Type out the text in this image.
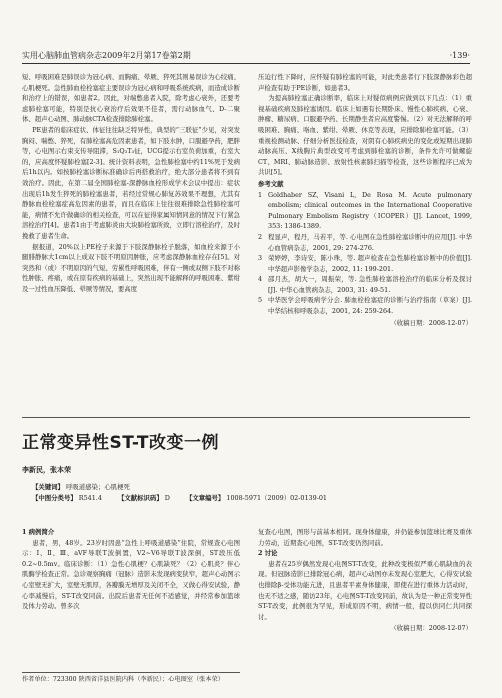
实用心脑肺血管病杂志2009年2月第17卷第2期	·139·

短、呼吸困难是肺误诊为冠心病、而胸痛、晕厥、猝死其则易误诊为心绞痛、心肌梗死。急性肺血栓栓塞症主要误诊为冠心病和呼吸系统疾病，而造成诊断和治疗上的错误，如患者2。因此，对端憋患者入院，除考虑心衰外，还要考虑肺栓塞可能，特别是抗心衰治疗后效果不佳者，需行动脉血气、D-二聚体、超声心动图、肺动脉CTA检查排除肺栓塞。

PE患者的临床症状、体征往往缺乏特异性，典型的“三联征”少见，对突发胸闷、喘憋、猝死，有肺栓塞高危因素患者，如下肢水肿，口服避孕药，肥胖等，心电图示右束支传导阻滞，S₁Q₃T₃征，UCG提示右室负荷加重，右室大的，应高度怀疑肺栓塞[2-3]。统计资料表明，急性肺栓塞中约11%死于发病后1h以内。如按肺栓塞诊断标准确诊后再搭救治疗，绝大部分患者将不到有效治疗。因此，在第二届全国肺栓塞-深静脉血栓形成学术会议中提出：症状出现后1h发生猝死的肺栓塞患者，若经过常规心肺复苏效果不理想，尤其有静脉血栓栓塞症高危因素的患者，而且在临床上往往很难排除急性肺栓塞可能，病情不允许做确诊的相关检查，可以在征得家属知情同意的情况下行紧急溶栓治疗[4]。患者1由于考虑肺炎由大块肺栓塞所致，立即行溶栓治疗，及时挽救了患者生命。

据报道，20%以上PE栓子来源于下肢深静脉栓子脱落，如血栓来源于小腿腓静脉大1cm以上成双下肢不明原因肿胀，应考虑深静脉血栓存在[5]。对突然和（或）不明原因的气短、劳累性呼吸困难，伴有一侧或双侧下肢不对称性肿胀、疼痛，或在原有疾病的基础上，突然出现不能解释的呼吸困难、紫绀及一过性血压降低、晕厥等情况，要高度

压迫行性下降时，应怀疑有肺栓塞的可能，对此类患者行下肢深静脉彩色超声检查有助于PE诊断，如患者3。

为提高肺栓塞正确诊断率，临床上对疑似病例应做到以下几点：（1）重视基础疾病及肺栓塞诱因。临床上如遇有长期卧床、慢性心肺疾病、心衰、肿瘤、糖尿病、口服避孕药、长期静坐者应高度警惕。（2）对无法解释的呼吸困难、胸痛、咯血、紫绀、晕厥、休克等表现，应排除肺栓塞可能。（3）重视检测动脉、仔细分析医技检查，对阴有心肺疾病史的变化或短期出现肺动脉高压、X线胸片典型改变可考虑到肺栓塞的诊断，条件允许可做螺旋CT、MRI、肺动脉造影、放射性核素肺扫描等检查，这些诊断程序已成为共识[5]。

参考文献
1 Goldhaber SZ, Visani L, De Rosa M. Acute pulmonary embolism; clinical outcomes in the International Cooperative Pulmonary Embolism Registry（ICOPER）[J]. Lancet, 1999, 353: 1386-1389.
2 程显声，程丹，马若平，等. 心电图在急性肺栓塞诊断中的应用[J]. 中华心血管病杂志，2001, 29: 274-276.
3 荣婷婷，李诗安，陈小珠，等. 超声检查在急性肺栓塞诊断中的价值[J]. 中华超声影像学杂志，2002, 11: 199-201.
4 邵月杰，胡大一，周振荣，等. 急性肺栓塞溶栓治疗的临床分析及探讨[J]. 中华心血管病杂志，2003, 31: 49-51.
5 中华医学会呼吸病学分会. 肺血栓栓塞症的诊断与治疗指南（草案）[J]. 中华结核和呼吸杂志，2001, 24: 259-264.
（收稿日期：2008-12-07）
正常变异性ST-T改变一例
李新民，张本荣
【关键词】 呼吸道感染；心肌梗死
【中图分类号】 R541.4	【文献标识码】 D	【文章编号】 1008-5971（2009）02-0139-01

1 病例简介

患者，男，48岁。23岁时因患“急性上呼吸道感染”住院，常规查心电图示：Ⅰ、Ⅱ、Ⅲ、aVF导联T波倒置，V2~V6导联T波深倒，ST段压低0.2~0.5mv。临床诊断：（1）急性心肌梗？心肌缺死？（2）心肌炎？伴心肌酶学检查正常。急诊观察胸痛（冠脉）造影未发现病变狭窄，超声心动图示心室壁无扩大，室壁无肌厚，各瓣膜无增厚及关闭不全，又做心得安试验，静心率减慢后，ST-T改变同前。出院后患者无任何不适感觉，并经常参加篮球及体力劳动。曾多次

复查心电图，图形与前基本相同。现身体健康，并仍能参加篮球比赛及重体力劳动，近期查心电图，ST-T改变仍然同前。

2 讨论

患者在25岁偶然发现心电图ST-T改变，此种改变极似严重心肌缺血的表现。但冠脉造影已排除冠心病，超声心动图亦未发现心室肥大，心得安试验也排除β-受体功能亢进，且患者平素身体健康，即使在进行重体力活动时，也无不适之感，随访23年，心电图ST-T改变同前，故认为是一种正常变异性ST-T改变，此例很为罕见，形成原因不明，病情一般，提以供同仁共同探讨。

（收稿日期：2008-12-07）
作者单位：723300 陕西省洋县医院内科（李新民）；心电图室（张本荣）
